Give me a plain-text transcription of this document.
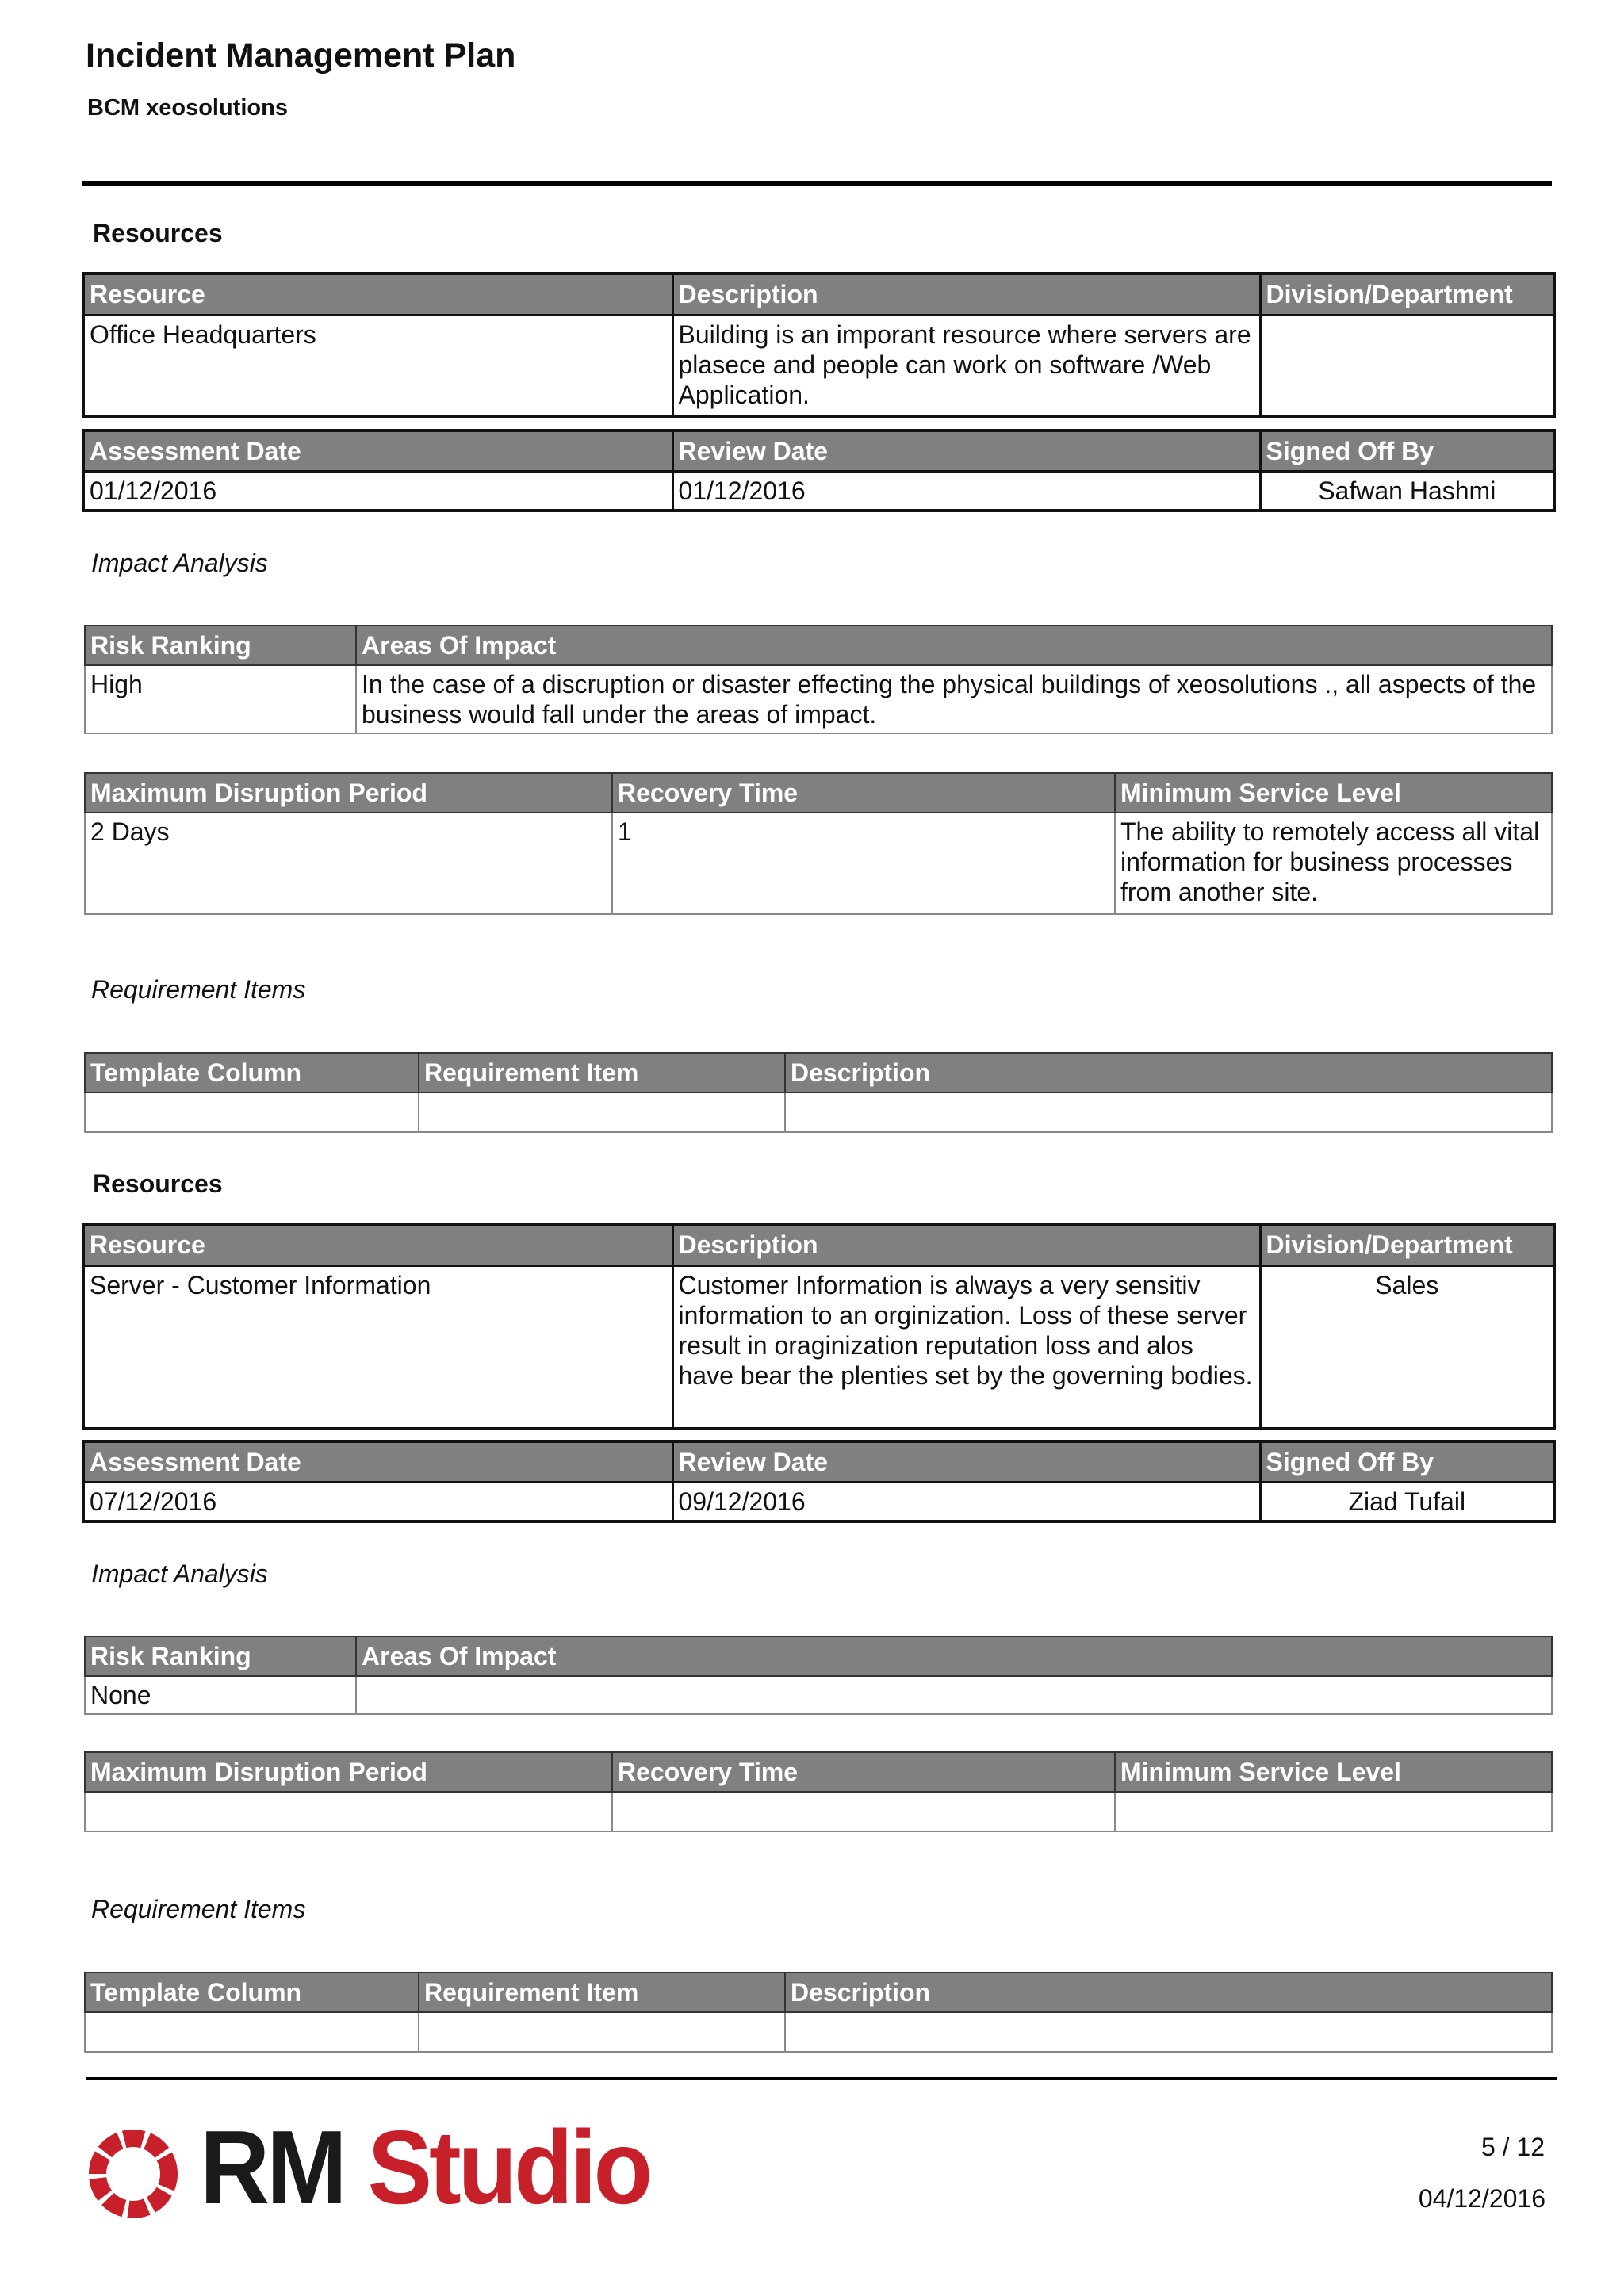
Incident Management Plan
BCM xeosolutions
Resources
Resource	Description	Division/Department
Office Headquarters	Building is an imporant resource where servers are plasece and people can work on software /Web Application.	
Assessment Date	Review Date	Signed Off By
01/12/2016	01/12/2016	Safwan Hashmi
Impact Analysis
Risk Ranking	Areas Of Impact
High	In the case of a discruption or disaster effecting the physical buildings of xeosolutions ., all aspects of the business would fall under the areas of impact.
Maximum Disruption Period	Recovery Time	Minimum Service Level
2 Days	1	The ability to remotely access all vital information for business processes from another site.
Requirement Items
Template Column	Requirement Item	Description

Resources
Resource	Description	Division/Department
Server - Customer Information	Customer Information is always a very sensitiv information to an orginization. Loss of these server result in oraginization reputation loss and alos have bear the plenties set by the governing bodies.	Sales
Assessment Date	Review Date	Signed Off By
07/12/2016	09/12/2016	Ziad Tufail
Impact Analysis
Risk Ranking	Areas Of Impact
None	
Maximum Disruption Period	Recovery Time	Minimum Service Level

Requirement Items
Template Column	Requirement Item	Description

RM Studio	5 / 12
04/12/2016
